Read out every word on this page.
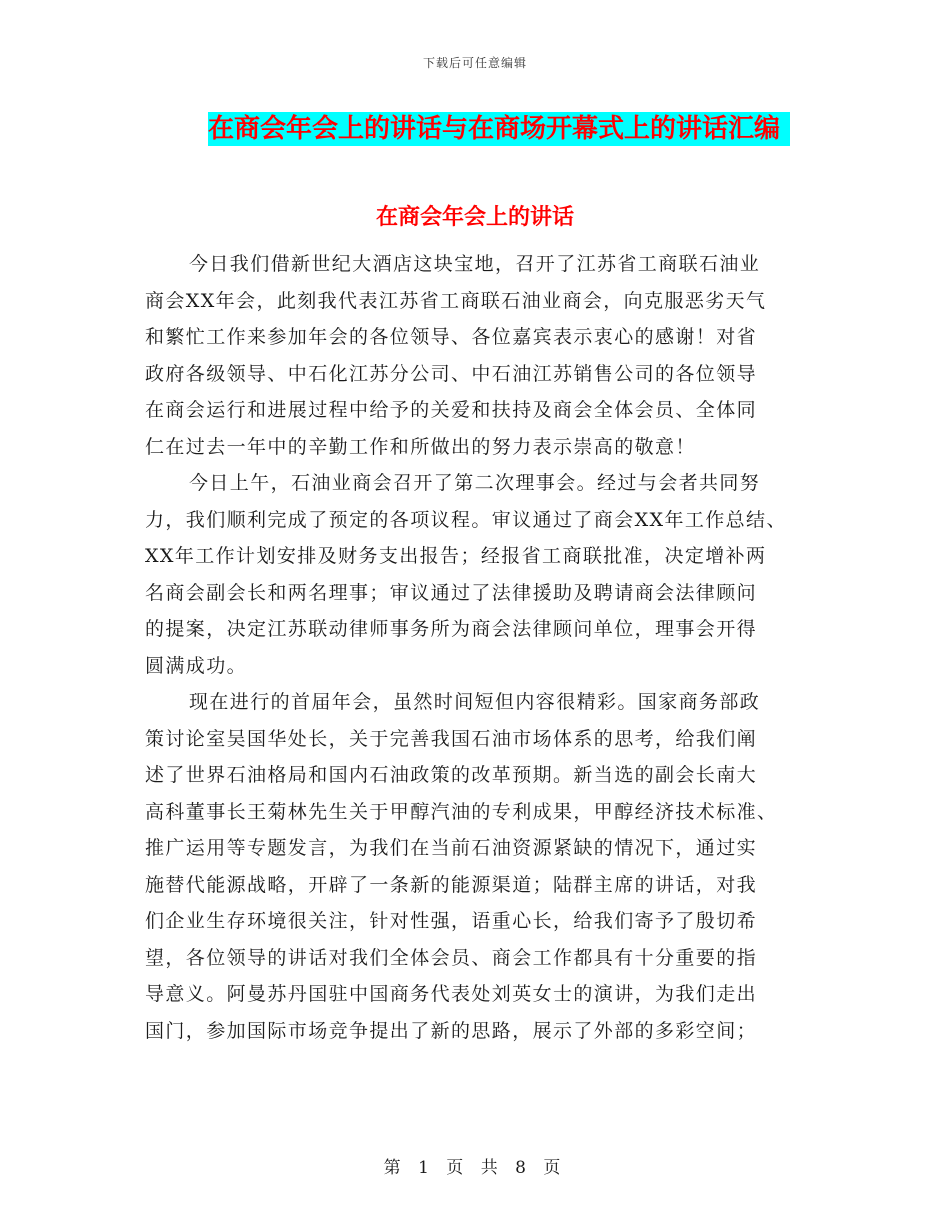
下载后可任意编辑
在商会年会上的讲话与在商场开幕式上的讲话汇编
在商会年会上的讲话

今日我们借新世纪大酒店这块宝地，召开了江苏省工商联石油业
商会XX年会，此刻我代表江苏省工商联石油业商会，向克服恶劣天气
和繁忙工作来参加年会的各位领导、各位嘉宾表示衷心的感谢！对省
政府各级领导、中石化江苏分公司、中石油江苏销售公司的各位领导
在商会运行和进展过程中给予的关爱和扶持及商会全体会员、全体同
仁在过去一年中的辛勤工作和所做出的努力表示崇高的敬意！

今日上午，石油业商会召开了第二次理事会。经过与会者共同努
力，我们顺利完成了预定的各项议程。审议通过了商会XX年工作总结、
XX年工作计划安排及财务支出报告；经报省工商联批准，决定增补两
名商会副会长和两名理事；审议通过了法律援助及聘请商会法律顾问
的提案，决定江苏联动律师事务所为商会法律顾问单位，理事会开得
圆满成功。

现在进行的首届年会，虽然时间短但内容很精彩。国家商务部政
策讨论室吴国华处长，关于完善我国石油市场体系的思考，给我们阐
述了世界石油格局和国内石油政策的改革预期。新当选的副会长南大
高科董事长王菊林先生关于甲醇汽油的专利成果，甲醇经济技术标准、
推广运用等专题发言，为我们在当前石油资源紧缺的情况下，通过实
施替代能源战略，开辟了一条新的能源渠道；陆群主席的讲话，对我
们企业生存环境很关注，针对性强，语重心长，给我们寄予了殷切希
望，各位领导的讲话对我们全体会员、商会工作都具有十分重要的指
导意义。阿曼苏丹国驻中国商务代表处刘英女士的演讲，为我们走出
国门，参加国际市场竞争提出了新的思路，展示了外部的多彩空间；

第 1 页 共 8 页
